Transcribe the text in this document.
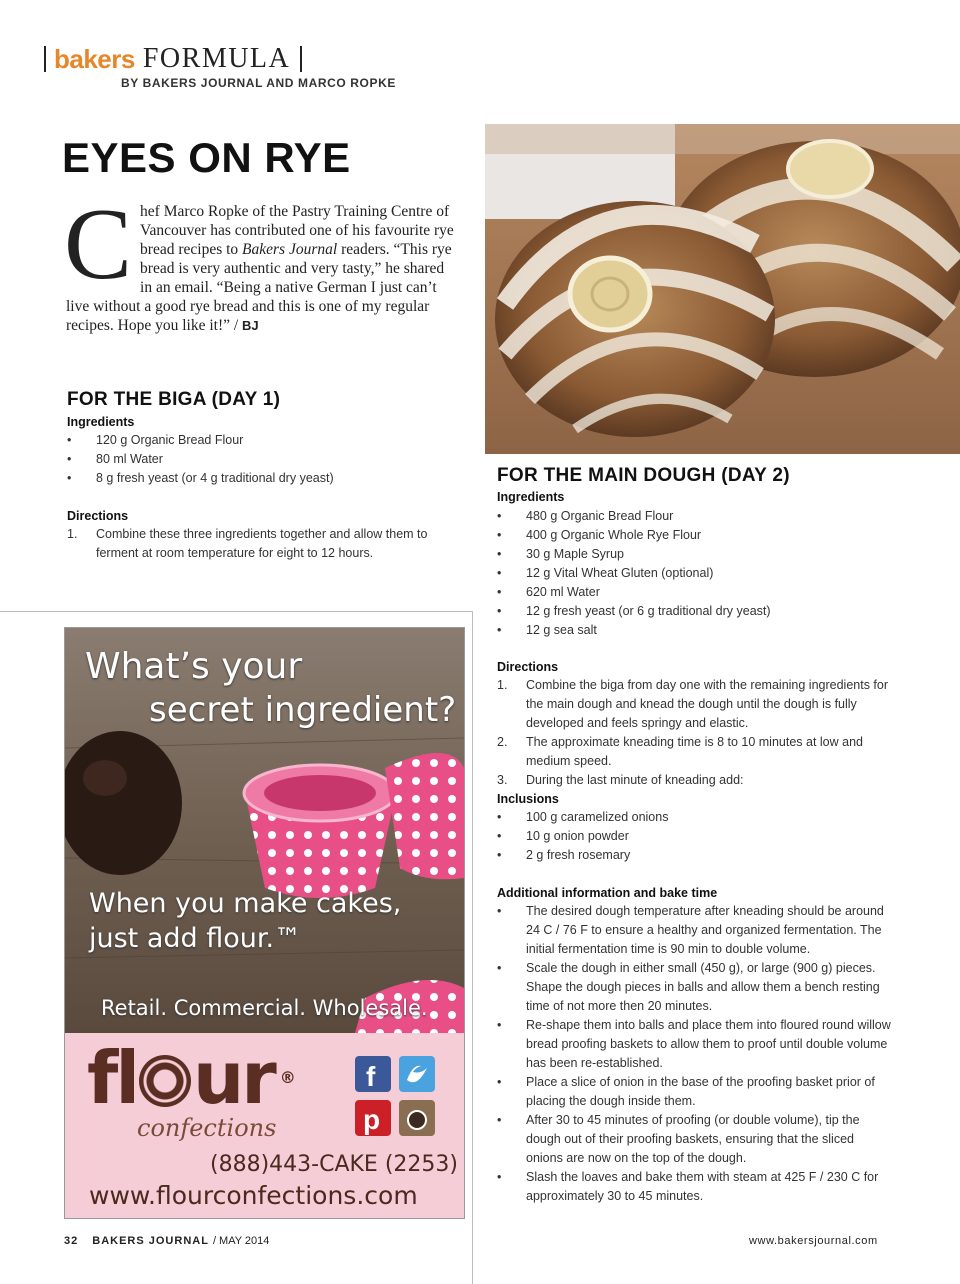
bakers FORMULA
BY BAKERS JOURNAL AND MARCO ROPKE
EYES ON RYE
C hef Marco Ropke of the Pastry Training Centre of Vancouver has contributed one of his favourite rye bread recipes to Bakers Journal readers. “This rye bread is very authentic and very tasty,” he shared in an email. “Being a native German I just can’t live without a good rye bread and this is one of my regular recipes. Hope you like it!” / BJ
FOR THE BIGA (DAY 1)
Ingredients
•	120 g Organic Bread Flour
•	80 ml Water
•	8 g fresh yeast (or 4 g traditional dry yeast)
Directions
1.	Combine these three ingredients together and allow them to ferment at room temperature for eight to 12 hours.
FOR THE MAIN DOUGH (DAY 2)
Ingredients
•	480 g Organic Bread Flour
•	400 g Organic Whole Rye Flour
•	30 g Maple Syrup
•	12 g Vital Wheat Gluten (optional)
•	620 ml Water
•	12 g fresh yeast (or 6 g traditional dry yeast)
•	12 g sea salt
Directions
1.	Combine the biga from day one with the remaining ingredients for the main dough and knead the dough until the dough is fully developed and feels springy and elastic.
2.	The approximate kneading time is 8 to 10 minutes at low and medium speed.
3.	During the last minute of kneading add:
Inclusions
•	100 g caramelized onions
•	10 g onion powder
•	2 g fresh rosemary
Additional information and bake time
•	The desired dough temperature after kneading should be around 24 C / 76 F to ensure a healthy and organized fermentation. The initial fermentation time is 90 min to double volume.
•	Scale the dough in either small (450 g), or large (900 g) pieces. Shape the dough pieces in balls and allow them a bench resting time of not more then 20 minutes.
•	Re-shape them into balls and place them into floured round willow bread proofing baskets to allow them to proof until double volume has been re-established.
•	Place a slice of onion in the base of the proofing basket prior of placing the dough inside them.
•	After 30 to 45 minutes of proofing (or double volume), tip the dough out of their proofing baskets, ensuring that the sliced onions are now on the top of the dough.
•	Slash the loaves and bake them with steam at 425 F / 230 C for approximately 30 to 45 minutes.
f
p
What’s your
secret ingredient?
When you make cakes,
just add flour.™
Retail. Commercial. Wholesale.
fl ur ®
confections
(888)443-CAKE (2253)
www.flourconfections.com
32 BAKERS JOURNAL / MAY 2014	www.bakersjournal.com
